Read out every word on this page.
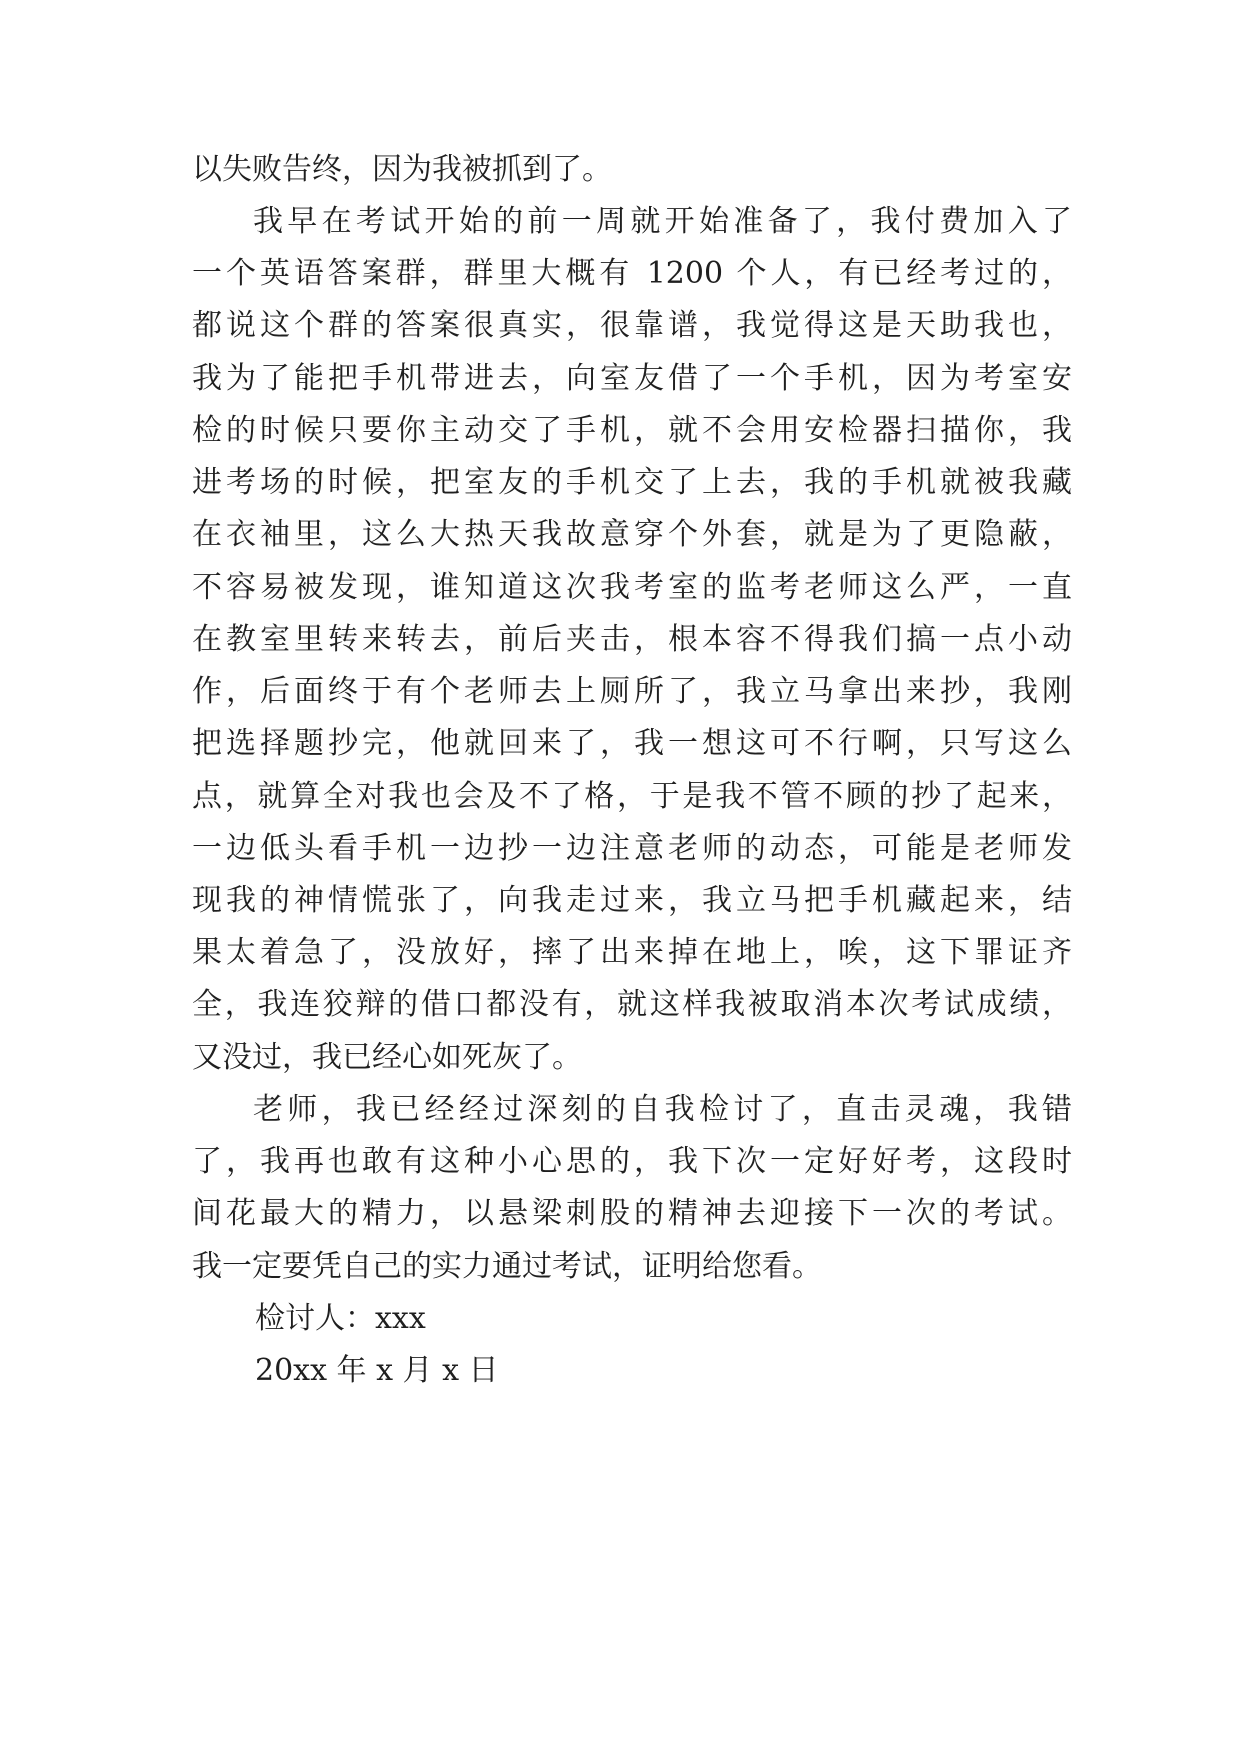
以失败告终，因为我被抓到了。
我早在考试开始的前一周就开始准备了，我付费加入了
一个英语答案群，群里大概有 1200 个人，有已经考过的，
都说这个群的答案很真实，很靠谱，我觉得这是天助我也，
我为了能把手机带进去，向室友借了一个手机，因为考室安
检的时候只要你主动交了手机，就不会用安检器扫描你，我
进考场的时候，把室友的手机交了上去，我的手机就被我藏
在衣袖里，这么大热天我故意穿个外套，就是为了更隐蔽，
不容易被发现，谁知道这次我考室的监考老师这么严，一直
在教室里转来转去，前后夹击，根本容不得我们搞一点小动
作，后面终于有个老师去上厕所了，我立马拿出来抄，我刚
把选择题抄完，他就回来了，我一想这可不行啊，只写这么
点，就算全对我也会及不了格，于是我不管不顾的抄了起来，
一边低头看手机一边抄一边注意老师的动态，可能是老师发
现我的神情慌张了，向我走过来，我立马把手机藏起来，结
果太着急了，没放好，摔了出来掉在地上，唉，这下罪证齐
全，我连狡辩的借口都没有，就这样我被取消本次考试成绩，
又没过，我已经心如死灰了。
老师，我已经经过深刻的自我检讨了，直击灵魂，我错
了，我再也敢有这种小心思的，我下次一定好好考，这段时
间花最大的精力，以悬梁刺股的精神去迎接下一次的考试。
我一定要凭自己的实力通过考试，证明给您看。
检讨人：xxx
20xx 年 x 月 x 日
